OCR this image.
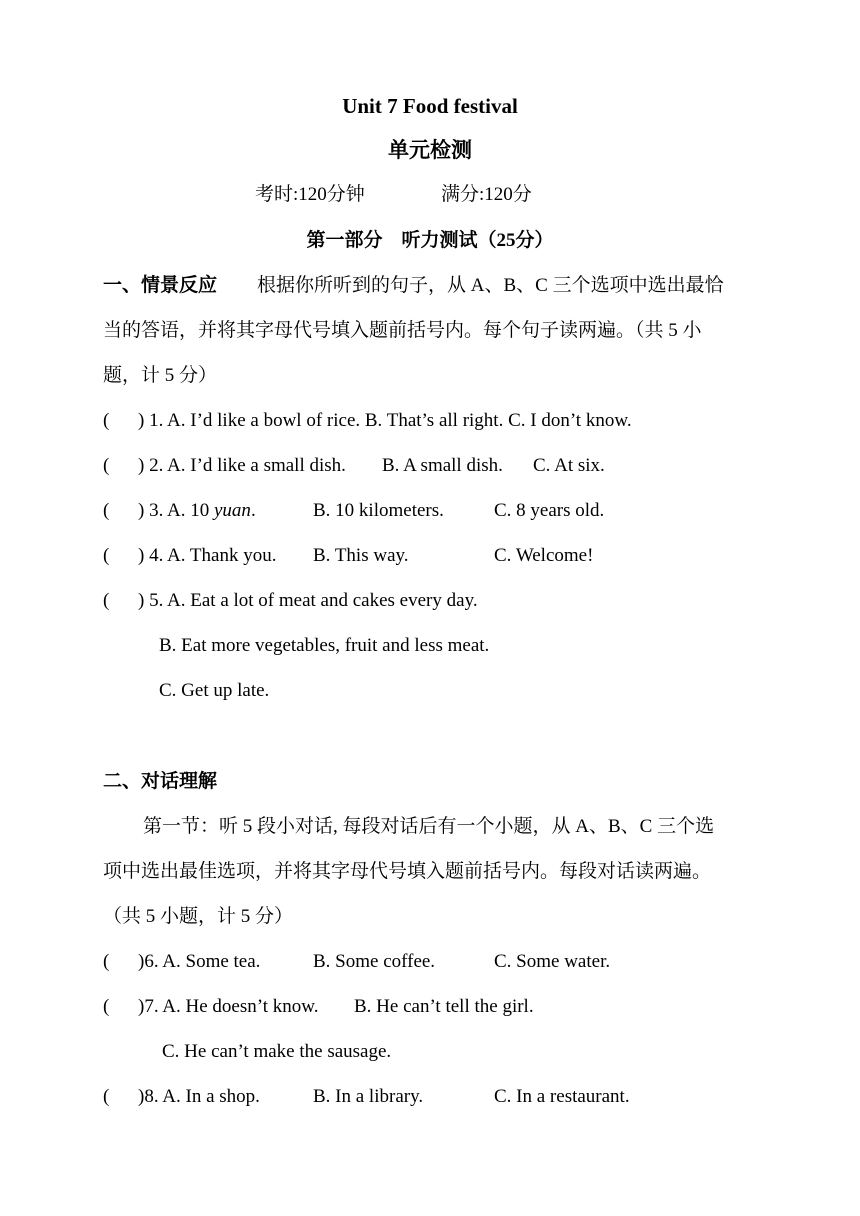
Unit 7 Food festival
单元检测
考时:120分钟	满分:120分
第一部分　听力测试（25分）
一、情景反应 根据你所听到的句子，从 A、B、C 三个选项中选出最恰
当的答语，并将其字母代号填入题前括号内。每个句子读两遍。（共 5 小
题，计 5 分）
( ) 1. A. I’d like a bowl of rice. B. That’s all right. C. I don’t know.
( ) 2. A. I’d like a small dish. B. A small dish. C. At six.
( ) 3. A. 10 yuan.	B. 10 kilometers.	C. 8 years old.
( ) 4. A. Thank you. B. This way.	C. Welcome!
( ) 5. A. Eat a lot of meat and cakes every day.
B. Eat more vegetables, fruit and less meat.
C. Get up late.
二、对话理解
第一节：听 5 段小对话, 每段对话后有一个小题，从 A、B、C 三个选
项中选出最佳选项，并将其字母代号填入题前括号内。每段对话读两遍。
（共 5 小题，计 5 分）
( )6. A. Some tea.	B. Some coffee.	C. Some water.
( )7. A. He doesn’t know. B. He can’t tell the girl.
C. He can’t make the sausage.
( )8. A. In a shop.	B. In a library.	C. In a restaurant.
